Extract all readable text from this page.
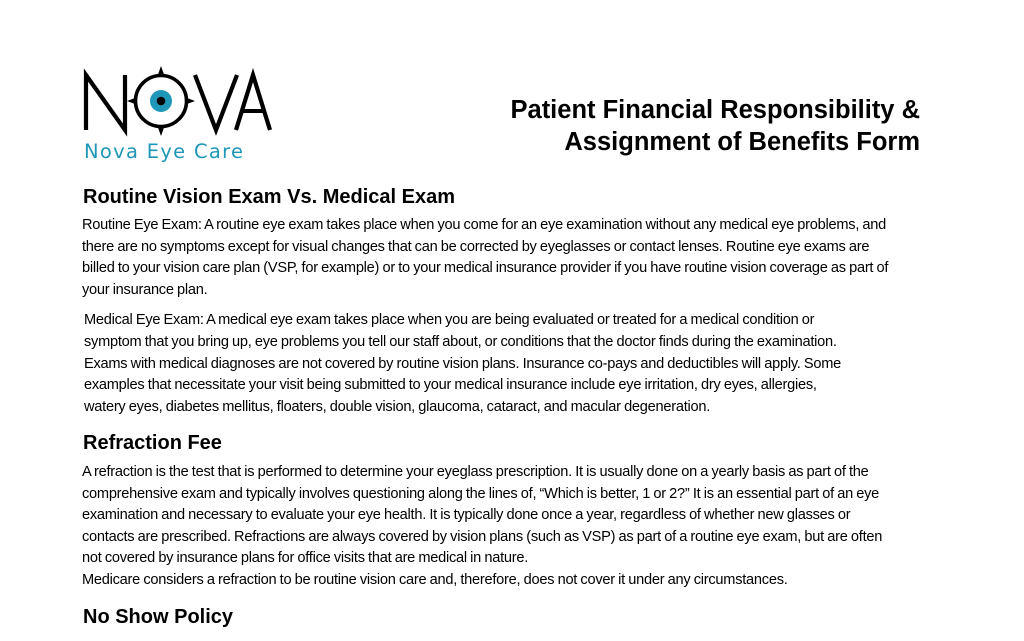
Nova Eye Care
Patient Financial Responsibility &
Assignment of Benefits Form
Routine Vision Exam Vs. Medical Exam
Routine Eye Exam: A routine eye exam takes place when you come for an eye examination without any medical eye problems, and
there are no symptoms except for visual changes that can be corrected by eyeglasses or contact lenses. Routine eye exams are
billed to your vision care plan (VSP, for example) or to your medical insurance provider if you have routine vision coverage as part of
your insurance plan.
Medical Eye Exam: A medical eye exam takes place when you are being evaluated or treated for a medical condition or
symptom that you bring up, eye problems you tell our staff about, or conditions that the doctor finds during the examination.
Exams with medical diagnoses are not covered by routine vision plans. Insurance co-pays and deductibles will apply. Some
examples that necessitate your visit being submitted to your medical insurance include eye irritation, dry eyes, allergies,
watery eyes, diabetes mellitus, floaters, double vision, glaucoma, cataract, and macular degeneration.
Refraction Fee
A refraction is the test that is performed to determine your eyeglass prescription. It is usually done on a yearly basis as part of the
comprehensive exam and typically involves questioning along the lines of, “Which is better, 1 or 2?” It is an essential part of an eye
examination and necessary to evaluate your eye health. It is typically done once a year, regardless of whether new glasses or
contacts are prescribed. Refractions are always covered by vision plans (such as VSP) as part of a routine eye exam, but are often
not covered by insurance plans for office visits that are medical in nature.
Medicare considers a refraction to be routine vision care and, therefore, does not cover it under any circumstances.
No Show Policy
